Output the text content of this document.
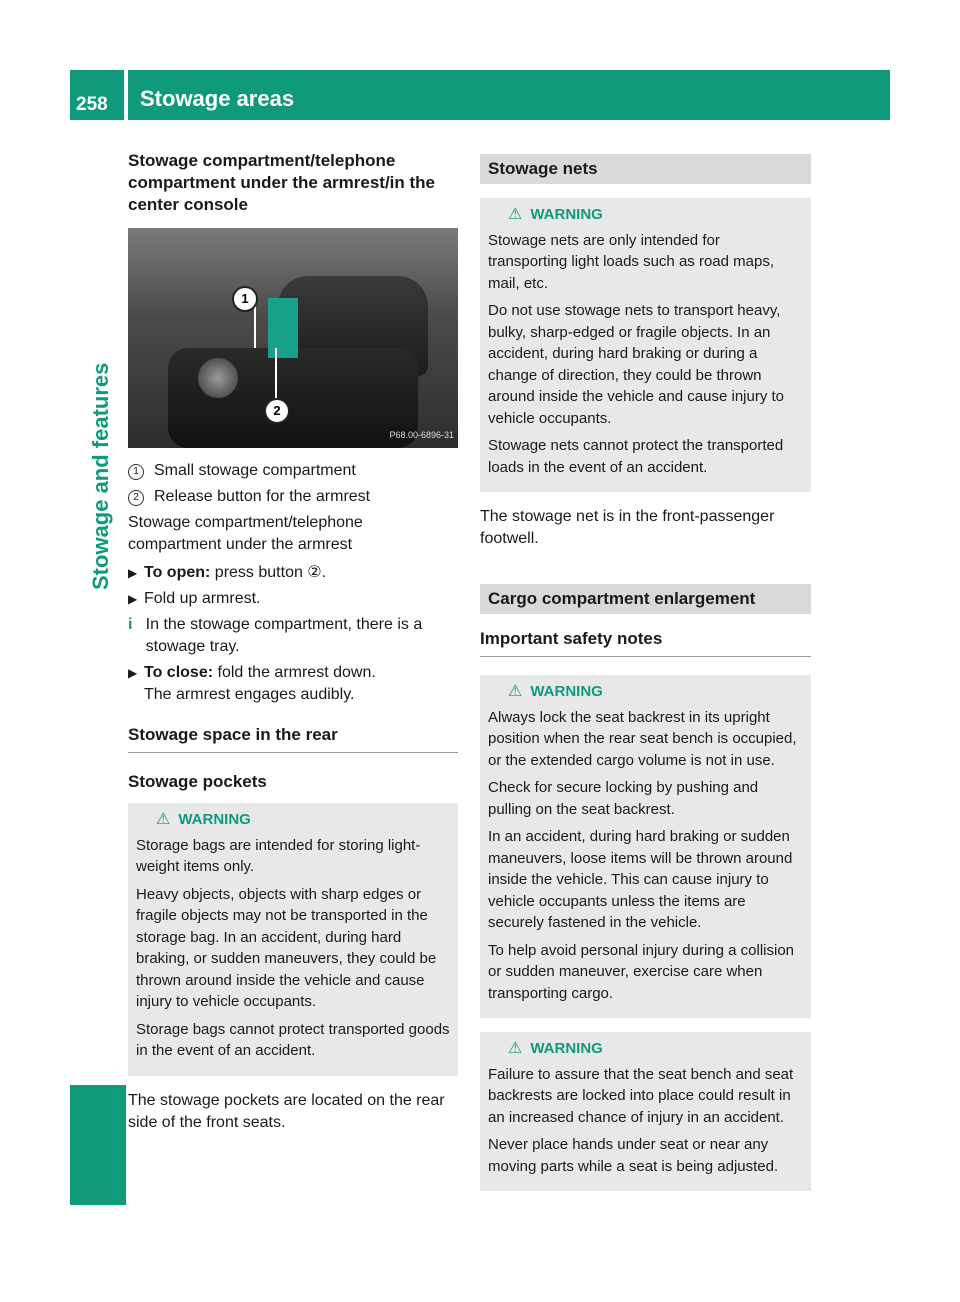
258 Stowage areas
Stowage and features
Stowage compartment/telephone compartment under the armrest/in the center console
1
2
P68.00-6896-31
1 Small stowage compartment
2 Release button for the armrest

Stowage compartment/telephone compartment under the armrest

▶ To open: press button ②.
▶ Fold up armrest.
i In the stowage compartment, there is a stowage tray.
▶ To close: fold the armrest down.
The armrest engages audibly.
Stowage space in the rear
Stowage pockets
⚠ WARNING

Storage bags are intended for storing light-weight items only.

Heavy objects, objects with sharp edges or fragile objects may not be transported in the storage bag. In an accident, during hard braking, or sudden maneuvers, they could be thrown around inside the vehicle and cause injury to vehicle occupants.

Storage bags cannot protect transported goods in the event of an accident.

The stowage pockets are located on the rear side of the front seats.

Stowage nets
⚠ WARNING

Stowage nets are only intended for transporting light loads such as road maps, mail, etc.

Do not use stowage nets to transport heavy, bulky, sharp-edged or fragile objects. In an accident, during hard braking or during a change of direction, they could be thrown around inside the vehicle and cause injury to vehicle occupants.

Stowage nets cannot protect the transported loads in the event of an accident.

The stowage net is in the front-passenger footwell.

Cargo compartment enlargement
Important safety notes
⚠ WARNING

Always lock the seat backrest in its upright position when the rear seat bench is occupied, or the extended cargo volume is not in use.

Check for secure locking by pushing and pulling on the seat backrest.

In an accident, during hard braking or sudden maneuvers, loose items will be thrown around inside the vehicle. This can cause injury to vehicle occupants unless the items are securely fastened in the vehicle.

To help avoid personal injury during a collision or sudden maneuver, exercise care when transporting cargo.

⚠ WARNING

Failure to assure that the seat bench and seat backrests are locked into place could result in an increased chance of injury in an accident.

Never place hands under seat or near any moving parts while a seat is being adjusted.
